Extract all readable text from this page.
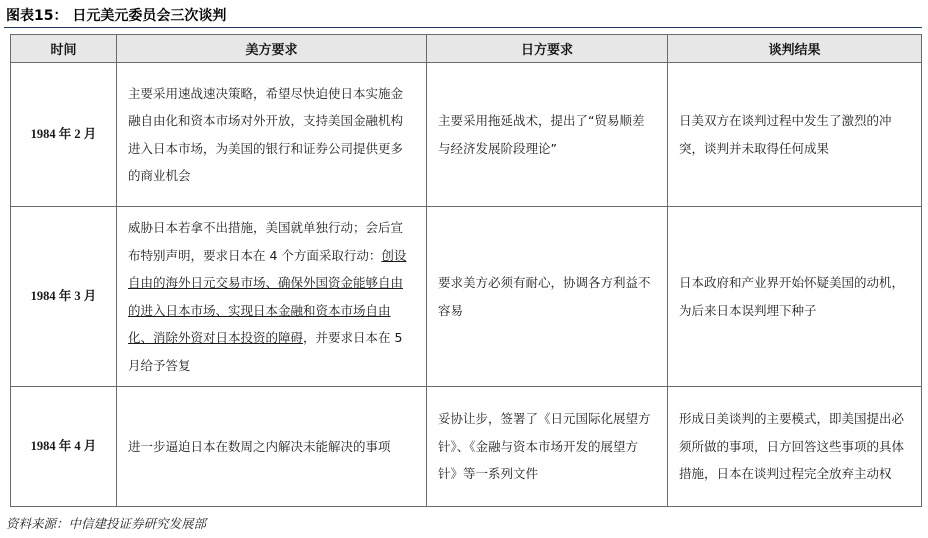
图表15： 日元美元委员会三次谈判
时间	美方要求	日方要求	谈判结果
1984 年 2 月	主要采用速战速决策略，希望尽快迫使日本实施金融自由化和资本市场对外开放，支持美国金融机构进入日本市场，为美国的银行和证券公司提供更多的商业机会	主要采用拖延战术，提出了“贸易顺差与经济发展阶段理论”	日美双方在谈判过程中发生了激烈的冲突，谈判并未取得任何成果
1984 年 3 月	威胁日本若拿不出措施，美国就单独行动；会后宣布特别声明，要求日本在 4 个方面采取行动：创设自由的海外日元交易市场、确保外国资金能够自由的进入日本市场、实现日本金融和资本市场自由化、消除外资对日本投资的障碍，并要求日本在 5 月给予答复	要求美方必须有耐心，协调各方利益不容易	日本政府和产业界开始怀疑美国的动机，为后来日本误判埋下种子
1984 年 4 月	进一步逼迫日本在数周之内解决未能解决的事项	妥协让步，签署了《日元国际化展望方针》、《金融与资本市场开发的展望方针》等一系列文件	形成日美谈判的主要模式，即美国提出必须所做的事项，日方回答这些事项的具体措施，日本在谈判过程完全放弃主动权
资料来源：中信建投证券研究发展部
